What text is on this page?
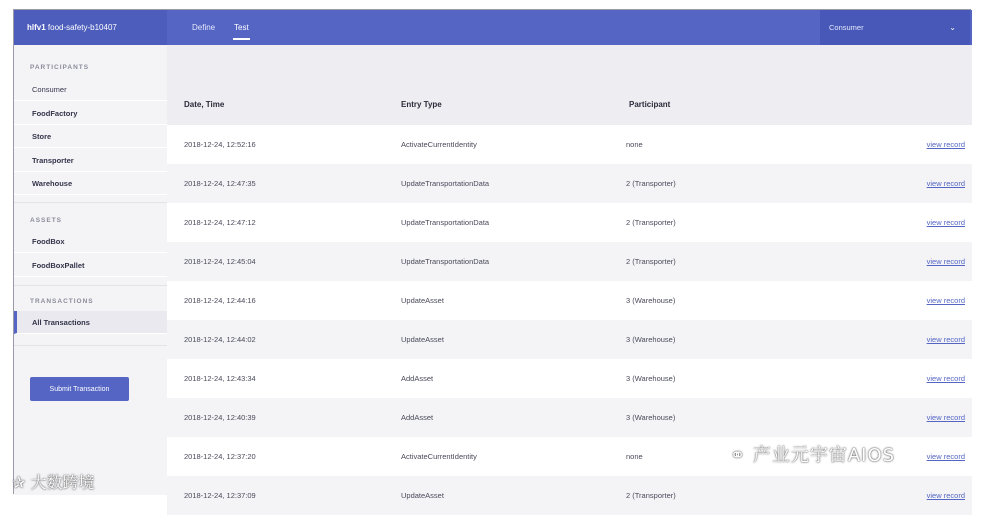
hlfv1 food-safety-b10407	Define Test	Consumer	⌄
PARTICIPANTS
Consumer
FoodFactory
Store
Transporter
Warehouse
ASSETS
FoodBox
FoodBoxPallet
TRANSACTIONS
All Transactions
Submit Transaction
Date, Time	Entry Type	Participant
2018-12-24, 12:52:16	ActivateCurrentIdentity	none	view record
2018-12-24, 12:47:35	UpdateTransportationData	2 (Transporter)	view record
2018-12-24, 12:47:12	UpdateTransportationData	2 (Transporter)	view record
2018-12-24, 12:45:04	UpdateTransportationData	2 (Transporter)	view record
2018-12-24, 12:44:16	UpdateAsset	3 (Warehouse)	view record
2018-12-24, 12:44:02	UpdateAsset	3 (Warehouse)	view record
2018-12-24, 12:43:34	AddAsset	3 (Warehouse)	view record
2018-12-24, 12:40:39	AddAsset	3 (Warehouse)	view record
2018-12-24, 12:37:20	ActivateCurrentIdentity	none	view record
2018-12-24, 12:37:09	UpdateAsset	2 (Transporter)	view record
⚭ 产业元宇宙AIOS
✰ 大数跨境
